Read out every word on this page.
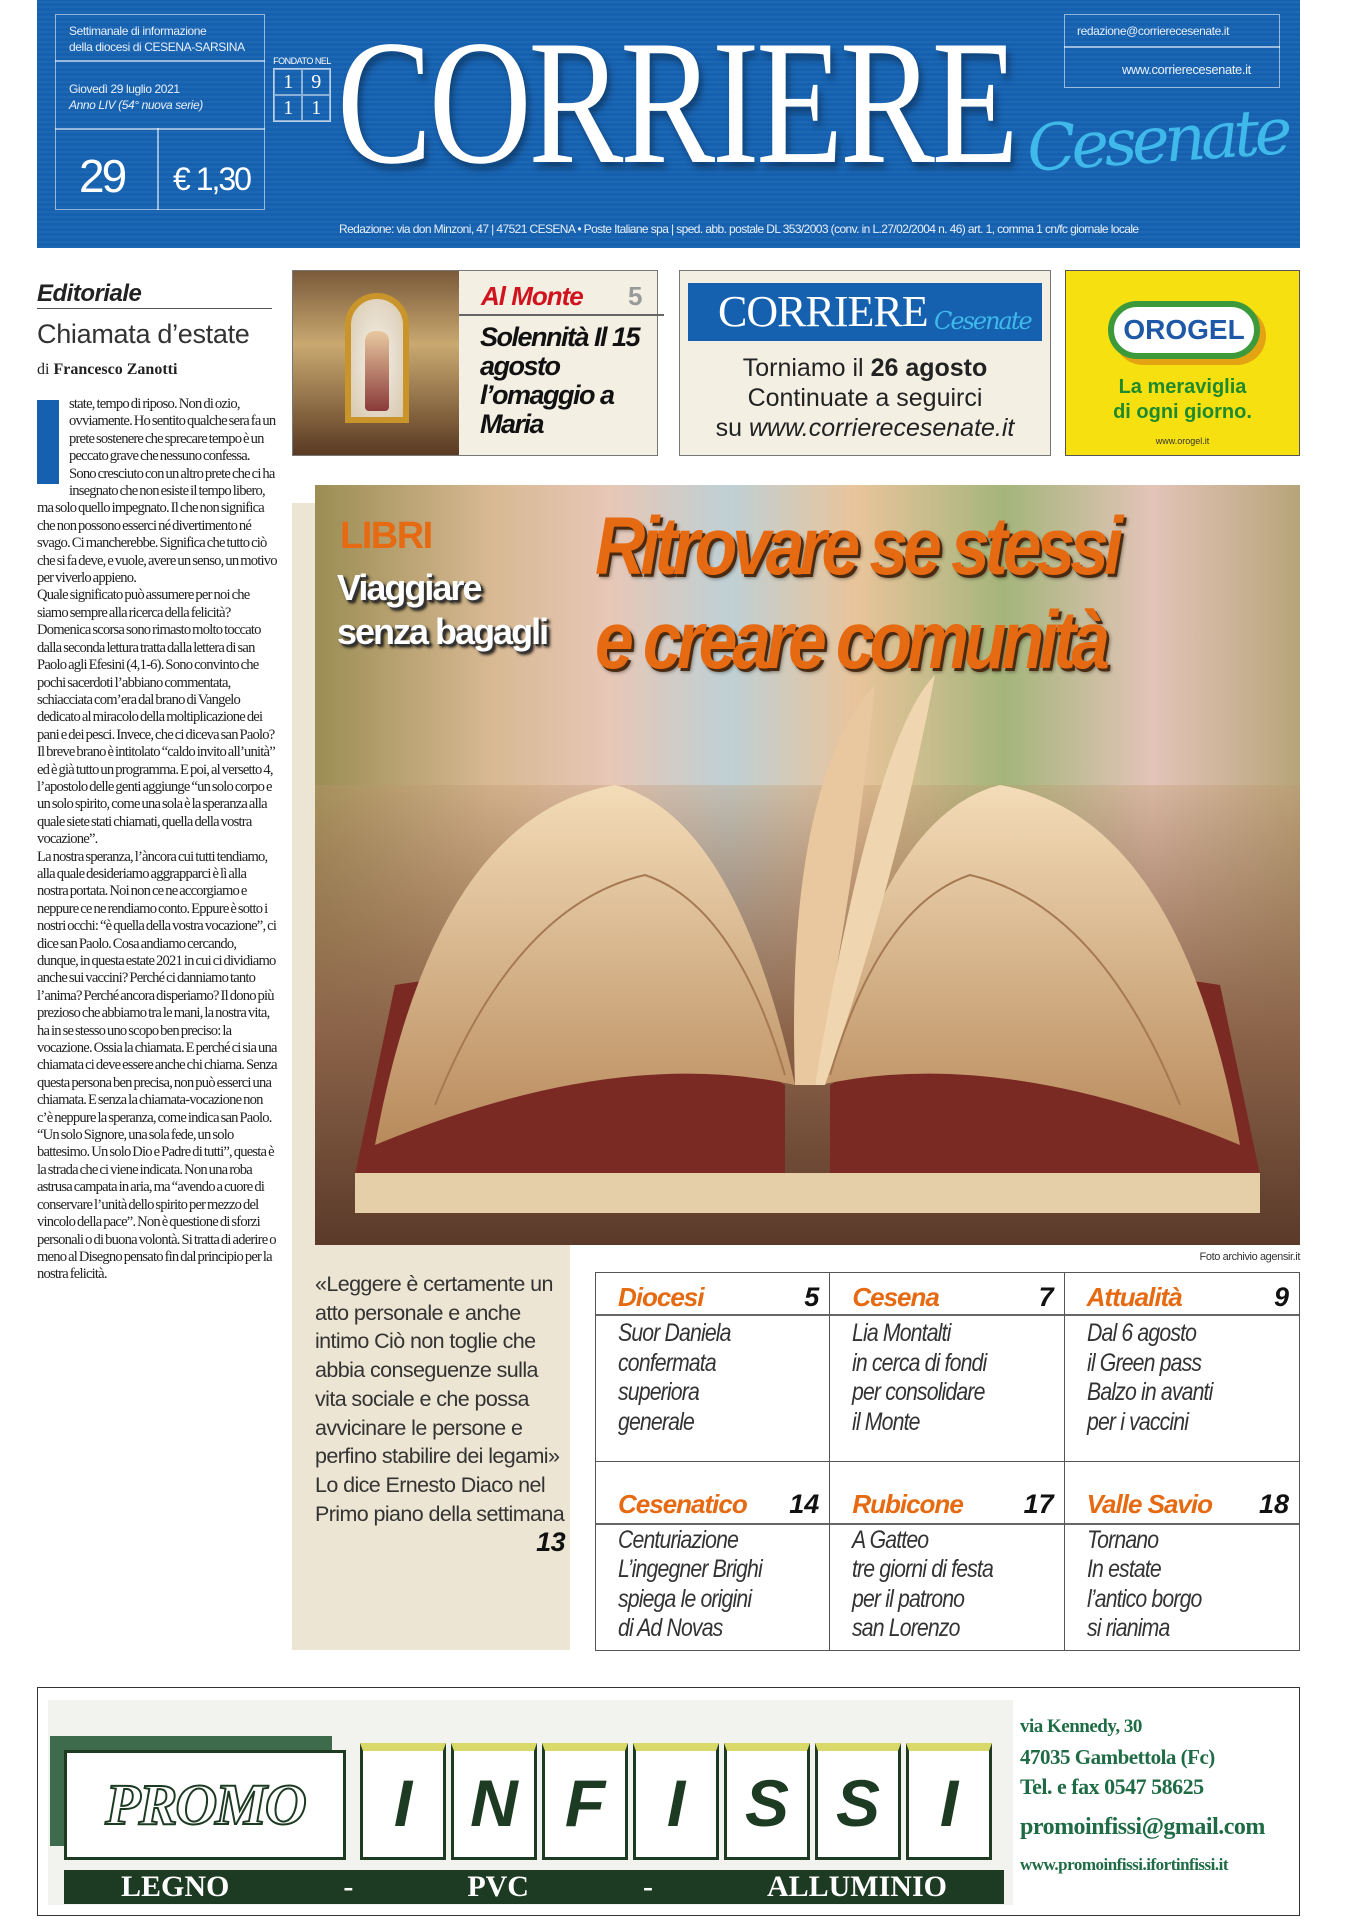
Settimanale di informazione
della diocesi di CESENA-SARSINA
Giovedì 29 luglio 2021
Anno LIV (54° nuova serie)
29 € 1,30 CORRIERE Cesenate
FONDATO NEL
1 9
1 1
redazione@corrierecesenate.it
www.corrierecesenate.it
Redazione: via don Minzoni, 47 | 47521 CESENA • Poste Italiane spa | sped. abb. postale DL 353/2003 (conv. in L.27/02/2004 n. 46) art. 1, comma 1 cn/fc giornale locale
Editoriale
Chiamata d’estate
di Francesco Zanotti

state, tempo di riposo. Non di ozio, ovviamente. Ho sentito qualche sera fa un prete sostenere che sprecare tempo è un peccato grave che nessuno confessa. Sono cresciuto con un altro prete che ci ha insegnato che non esiste il tempo libero, ma solo quello impegnato. Il che non significa che non possono esserci né divertimento né svago. Ci mancherebbe. Significa che tutto ciò che si fa deve, e vuole, avere un senso, un motivo per viverlo appieno.

Quale significato può assumere per noi che siamo sempre alla ricerca della felicità? Domenica scorsa sono rimasto molto toccato dalla seconda lettura tratta dalla lettera di san Paolo agli Efesini (4,1-6). Sono convinto che pochi sacerdoti l’abbiano commentata, schiacciata com’era dal brano di Vangelo dedicato al miracolo della moltiplicazione dei pani e dei pesci. Invece, che ci diceva san Paolo? Il breve brano è intitolato “caldo invito all’unità” ed è già tutto un programma. E poi, al versetto 4, l’apostolo delle genti aggiunge “un solo corpo e un solo spirito, come una sola è la speranza alla quale siete stati chiamati, quella della vostra vocazione”.

La nostra speranza, l’àncora cui tutti tendiamo, alla quale desideriamo aggrapparci è lì alla nostra portata. Noi non ce ne accorgiamo e neppure ce ne rendiamo conto. Eppure è sotto i nostri occhi: “è quella della vostra vocazione”, ci dice san Paolo. Cosa andiamo cercando, dunque, in questa estate 2021 in cui ci dividiamo anche sui vaccini? Perché ci danniamo tanto l’anima? Perché ancora disperiamo? Il dono più prezioso che abbiamo tra le mani, la nostra vita, ha in se stesso uno scopo ben preciso: la vocazione. Ossia la chiamata. E perché ci sia una chiamata ci deve essere anche chi chiama. Senza questa persona ben precisa, non può esserci una chiamata. E senza la chiamata-vocazione non c’è neppure la speranza, come indica san Paolo.

“Un solo Signore, una sola fede, un solo battesimo. Un solo Dio e Padre di tutti”, questa è la strada che ci viene indicata. Non una roba astrusa campata in aria, ma “avendo a cuore di conservare l’unità dello spirito per mezzo del vincolo della pace”. Non è questione di sforzi personali o di buona volontà. Si tratta di aderire o meno al Disegno pensato fin dal principio per la nostra felicità.

Al Monte 5
Solennità Il 15 agosto l’omaggio a Maria
CORRIERE Cesenate
Torniamo il 26 agosto
Continuate a seguirci
su www.corrierecesenate.it
OROGEL
La meraviglia
di ogni giorno.
www.orogel.it
LIBRI
Viaggiare
senza bagagli
Ritrovare se stessi
e creare comunità
Foto archivio agensir.it
«Leggere è certamente un atto personale e anche intimo Ciò non toglie che abbia conseguenze sulla vita sociale e che possa avvicinare le persone e perfino stabilire dei legami» Lo dice Ernesto Diaco nel Primo piano della settimana
13
Diocesi	5
Suor Daniela
confermata
superiora
generale
Cesena	7
Lia Montalti
in cerca di fondi
per consolidare
il Monte
Attualità	9
Dal 6 agosto
il Green pass
Balzo in avanti
per i vaccini
Cesenatico 14
Centuriazione
L’ingegner Brighi
spiega le origini
di Ad Novas
Rubicone 17
A Gatteo
tre giorni di festa
per il patrono
san Lorenzo
Valle Savio 18
Tornano
In estate
l’antico borgo
si rianima
PROMO	I N F I S S I
LEGNO	-	PVC	-	ALLUMINIO
via Kennedy, 30
47035 Gambettola (Fc)
Tel. e fax 0547 58625
promoinfissi@gmail.com
www.promoinfissi.ifortinfissi.it
